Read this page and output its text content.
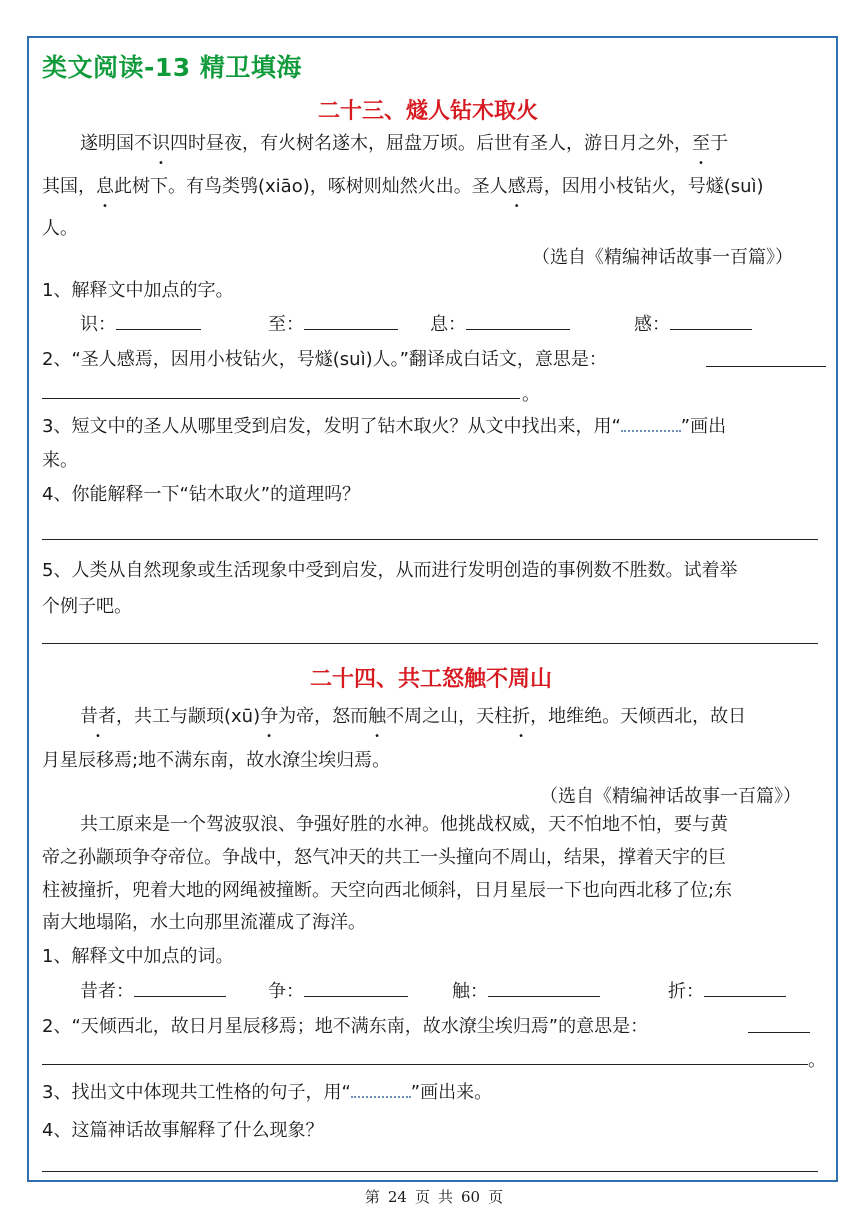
类文阅读-13 精卫填海
二十三、燧人钻木取火
遂明国不识四时昼夜，有火树名遂木，屈盘万顷。后世有圣人，游日月之外，至于
其国，息此树下。有鸟类鸮(xiāo)，啄树则灿然火出。圣人感焉，因用小枝钻火，号燧(suì)
人。
（选自《精编神话故事一百篇》）
1、解释文中加点的字。
识：	至：	息：	感：
2、“圣人感焉，因用小枝钻火，号燧(suì)人。”翻译成白话文，意思是：
。
3、短文中的圣人从哪里受到启发，发明了钻木取火？从文中找出来，用“	”画出
来。
4、你能解释一下“钻木取火”的道理吗？
5、人类从自然现象或生活现象中受到启发，从而进行发明创造的事例数不胜数。试着举
个例子吧。
二十四、共工怒触不周山
昔者，共工与颛顼(xū)争为帝，怒而触不周之山，天柱折，地维绝。天倾西北，故日
月星辰移焉;地不满东南，故水潦尘埃归焉。
（选自《精编神话故事一百篇》）
共工原来是一个驾波驭浪、争强好胜的水神。他挑战权威，天不怕地不怕，要与黄
帝之孙颛顼争夺帝位。争战中，怒气冲天的共工一头撞向不周山，结果，撑着天宇的巨
柱被撞折，兜着大地的网绳被撞断。天空向西北倾斜，日月星辰一下也向西北移了位;东
南大地塌陷，水土向那里流灌成了海洋。
1、解释文中加点的词。
昔者：	争：	触：	折：
2、“天倾西北，故日月星辰移焉；地不满东南，故水潦尘埃归焉”的意思是：
。
3、找出文中体现共工性格的句子，用“	”画出来。
4、这篇神话故事解释了什么现象？
第 24 页 共 60 页
